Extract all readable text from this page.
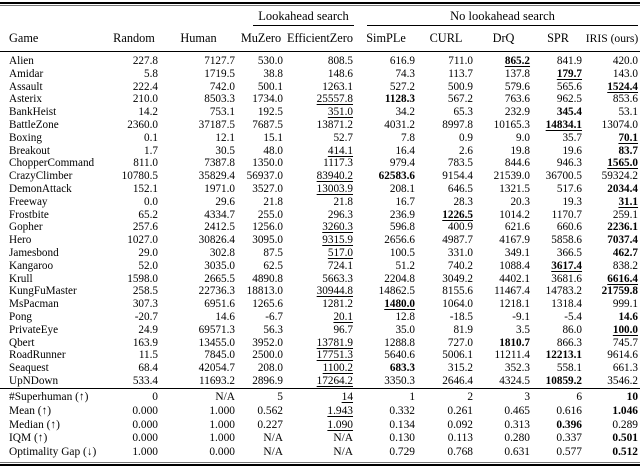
			Lookahead search		No lookahead search				

Game	Random	Human	MuZero	EfficientZero	SimPLe	CURL	DrQ	SPR	IRIS (ours)
Alien	227.8	7127.7	530.0	808.5	616.9	711.0	865.2	841.9	420.0
Amidar	5.8	1719.5	38.8	148.6	74.3	113.7	137.8	179.7	143.0
Assault	222.4	742.0	500.1	1263.1	527.2	500.9	579.6	565.6	1524.4
Asterix	210.0	8503.3	1734.0	25557.8	1128.3	567.2	763.6	962.5	853.6
BankHeist	14.2	753.1	192.5	351.0	34.2	65.3	232.9	345.4	53.1
BattleZone	2360.0	37187.5	7687.5	13871.2	4031.2	8997.8	10165.3	14834.1	13074.0
Boxing	0.1	12.1	15.1	52.7	7.8	0.9	9.0	35.7	70.1
Breakout	1.7	30.5	48.0	414.1	16.4	2.6	19.8	19.6	83.7
ChopperCommand	811.0	7387.8	1350.0	1117.3	979.4	783.5	844.6	946.3	1565.0
CrazyClimber	10780.5	35829.4	56937.0	83940.2	62583.6	9154.4	21539.0	36700.5	59324.2
DemonAttack	152.1	1971.0	3527.0	13003.9	208.1	646.5	1321.5	517.6	2034.4
Freeway	0.0	29.6	21.8	21.8	16.7	28.3	20.3	19.3	31.1
Frostbite	65.2	4334.7	255.0	296.3	236.9	1226.5	1014.2	1170.7	259.1
Gopher	257.6	2412.5	1256.0	3260.3	596.8	400.9	621.6	660.6	2236.1
Hero	1027.0	30826.4	3095.0	9315.9	2656.6	4987.7	4167.9	5858.6	7037.4
Jamesbond	29.0	302.8	87.5	517.0	100.5	331.0	349.1	366.5	462.7
Kangaroo	52.0	3035.0	62.5	724.1	51.2	740.2	1088.4	3617.4	838.2
Krull	1598.0	2665.5	4890.8	5663.3	2204.8	3049.2	4402.1	3681.6	6616.4
KungFuMaster	258.5	22736.3	18813.0	30944.8	14862.5	8155.6	11467.4	14783.2	21759.8
MsPacman	307.3	6951.6	1265.6	1281.2	1480.0	1064.0	1218.1	1318.4	999.1
Pong	-20.7	14.6	-6.7	20.1	12.8	-18.5	-9.1	-5.4	14.6
PrivateEye	24.9	69571.3	56.3	96.7	35.0	81.9	3.5	86.0	100.0
Qbert	163.9	13455.0	3952.0	13781.9	1288.8	727.0	1810.7	866.3	745.7
RoadRunner	11.5	7845.0	2500.0	17751.3	5640.6	5006.1	11211.4	12213.1	9614.6
Seaquest	68.4	42054.7	208.0	1100.2	683.3	315.2	352.3	558.1	661.3
UpNDown	533.4	11693.2	2896.9	17264.2	3350.3	2646.4	4324.5	10859.2	3546.2
#Superhuman (↑)	0	N/A	5	14	1	2	3	6	10
Mean (↑)	0.000	1.000	0.562	1.943	0.332	0.261	0.465	0.616	1.046
Median (↑)	0.000	1.000	0.227	1.090	0.134	0.092	0.313	0.396	0.289
IQM (↑)	0.000	1.000	N/A	N/A	0.130	0.113	0.280	0.337	0.501
Optimality Gap (↓)	1.000	0.000	N/A	N/A	0.729	0.768	0.631	0.577	0.512
